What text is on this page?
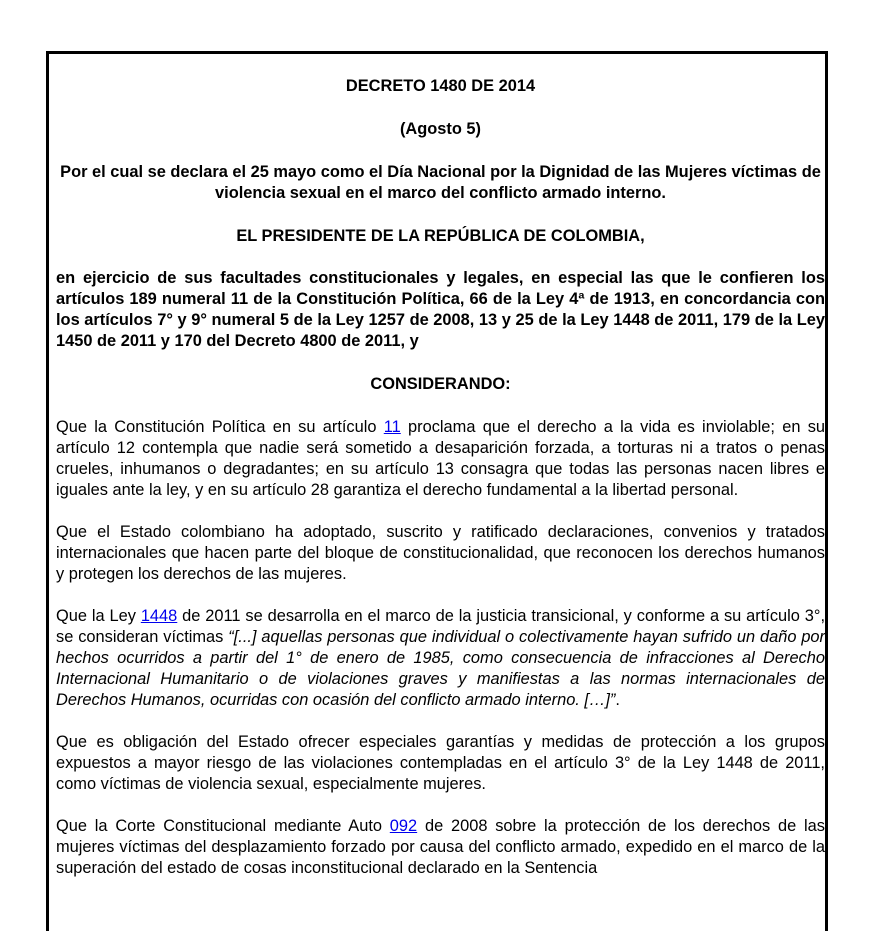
DECRETO 1480 DE 2014

(Agosto 5)

Por el cual se declara el 25 mayo como el Día Nacional por la Dignidad de las Mujeres víctimas de violencia sexual en el marco del conflicto armado interno.

EL PRESIDENTE DE LA REPÚBLICA DE COLOMBIA,

en ejercicio de sus facultades constitucionales y legales, en especial las que le confieren los artículos 189 numeral 11 de la Constitución Política, 66 de la Ley 4ª de 1913, en concordancia con los artículos 7° y 9° numeral 5 de la Ley 1257 de 2008, 13 y 25 de la Ley 1448 de 2011, 179 de la Ley 1450 de 2011 y 170 del Decreto 4800 de 2011, y

CONSIDERANDO:

Que la Constitución Política en su artículo 11 proclama que el derecho a la vida es inviolable; en su artículo 12 contempla que nadie será sometido a desaparición forzada, a torturas ni a tratos o penas crueles, inhumanos o degradantes; en su artículo 13 consagra que todas las personas nacen libres e iguales ante la ley, y en su artículo 28 garantiza el derecho fundamental a la libertad personal.

Que el Estado colombiano ha adoptado, suscrito y ratificado declaraciones, convenios y tratados internacionales que hacen parte del bloque de constitucionalidad, que reconocen los derechos humanos y protegen los derechos de las mujeres.

Que la Ley 1448 de 2011 se desarrolla en el marco de la justicia transicional, y conforme a su artículo 3°, se consideran víctimas “[...] aquellas personas que individual o colectivamente hayan sufrido un daño por hechos ocurridos a partir del 1° de enero de 1985, como consecuencia de infracciones al Derecho Internacional Humanitario o de violaciones graves y manifiestas a las normas internacionales de Derechos Humanos, ocurridas con ocasión del conflicto armado interno. […]”.

Que es obligación del Estado ofrecer especiales garantías y medidas de protección a los grupos expuestos a mayor riesgo de las violaciones contempladas en el artículo 3° de la Ley 1448 de 2011, como víctimas de violencia sexual, especialmente mujeres.

Que la Corte Constitucional mediante Auto 092 de 2008 sobre la protección de los derechos de las mujeres víctimas del desplazamiento forzado por causa del conflicto armado, expedido en el marco de la superación del estado de cosas inconstitucional declarado en la Sentencia
